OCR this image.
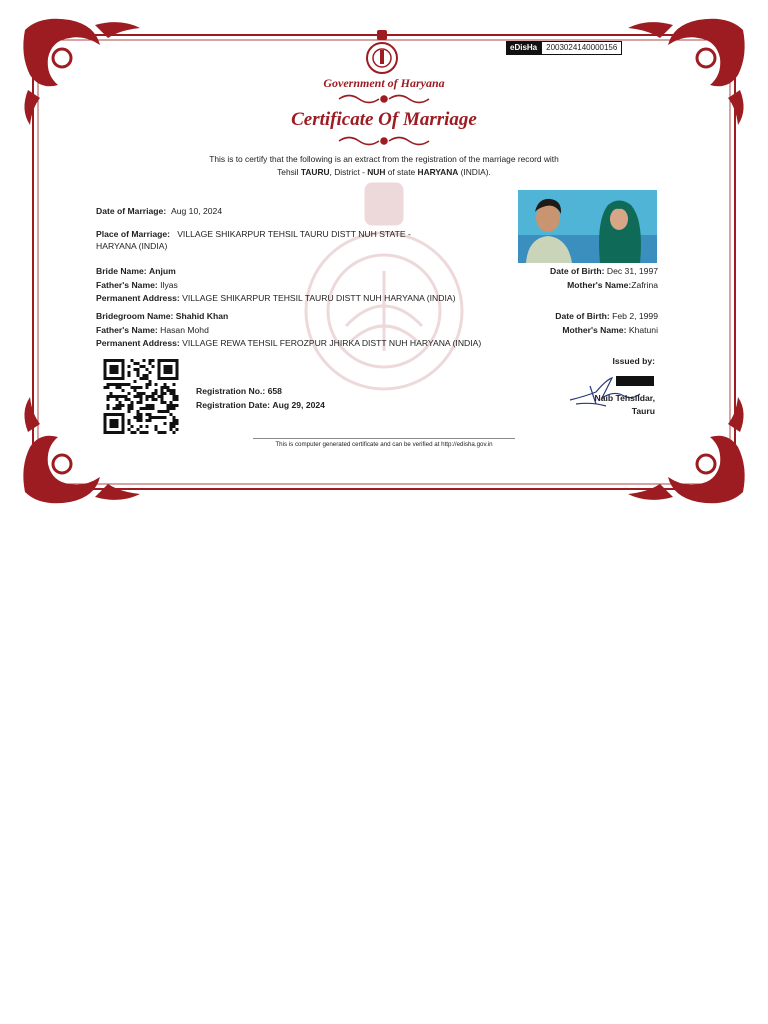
Government of Haryana
Certificate Of Marriage
eDisHa	2003024140000156
This is to certify that the following is an extract from the registration of the marriage record with
Tehsil TAURU, District - NUH of state HARYANA (INDIA).
Date of Marriage: Aug 10, 2024
Place of Marriage: VILLAGE SHIKARPUR TEHSIL TAURU DISTT NUH STATE - HARYANA (INDIA)
Bride Name: Anjum
Father's Name: Ilyas
Permanent Address: VILLAGE SHIKARPUR TEHSIL TAURU DISTT NUH HARYANA (INDIA)
Date of Birth: Dec 31, 1997
Mother's Name:Zafrina
Bridegroom Name: Shahid Khan
Father's Name: Hasan Mohd
Permanent Address: VILLAGE REWA TEHSIL FEROZPUR JHIRKA DISTT NUH HARYANA (INDIA)
Date of Birth: Feb 2, 1999
Mother's Name: Khatuni
Registration No.: 658
Registration Date: Aug 29, 2024
Issued by:
Naib Tehsildar,
Tauru
This is computer generated certificate and can be verified at http://edisha.gov.in
